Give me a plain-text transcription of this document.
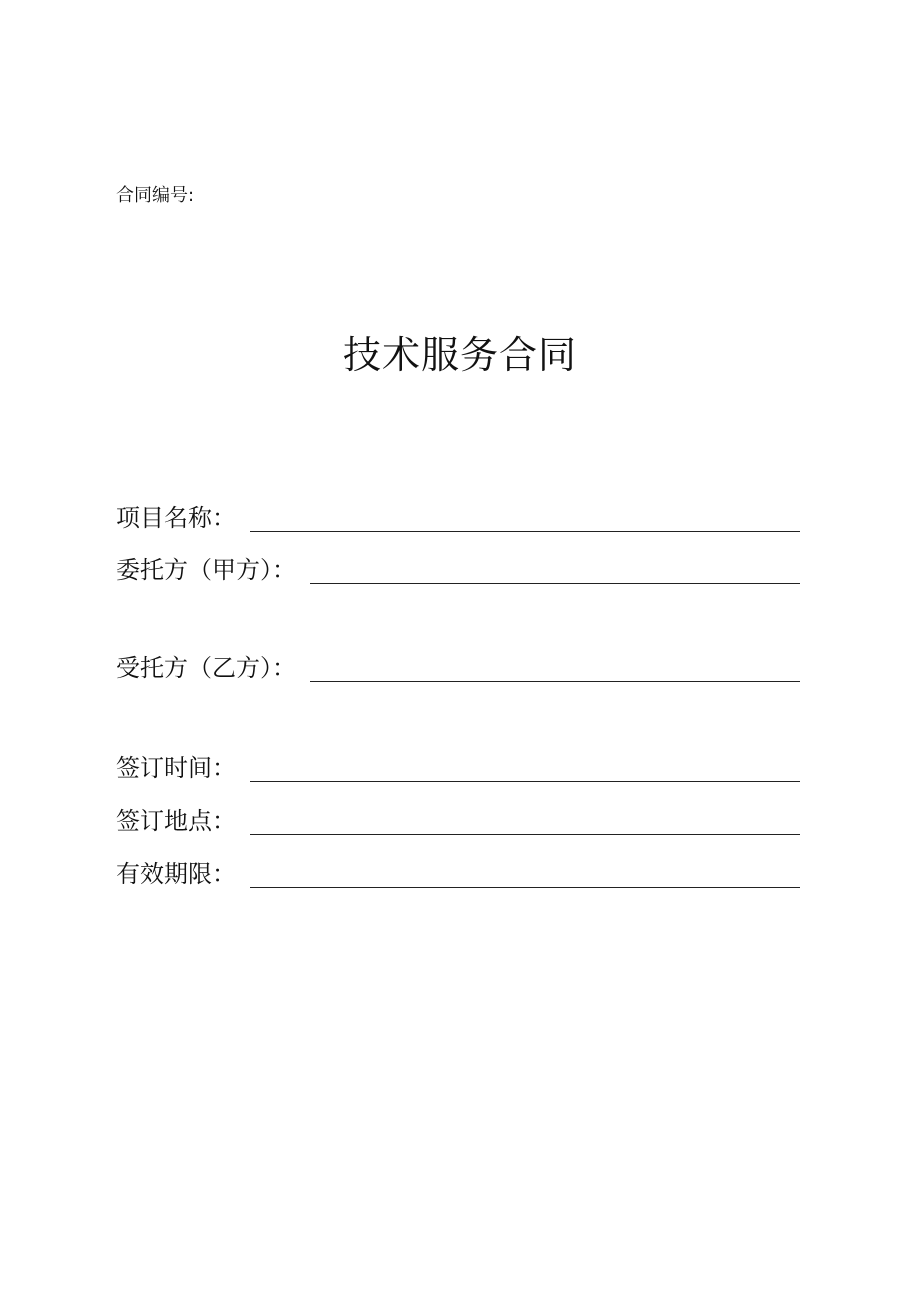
合同编号:
技术服务合同
项目名称：
委托方（甲方）：
受托方（乙方）：
签订时间：
签订地点：
有效期限：
